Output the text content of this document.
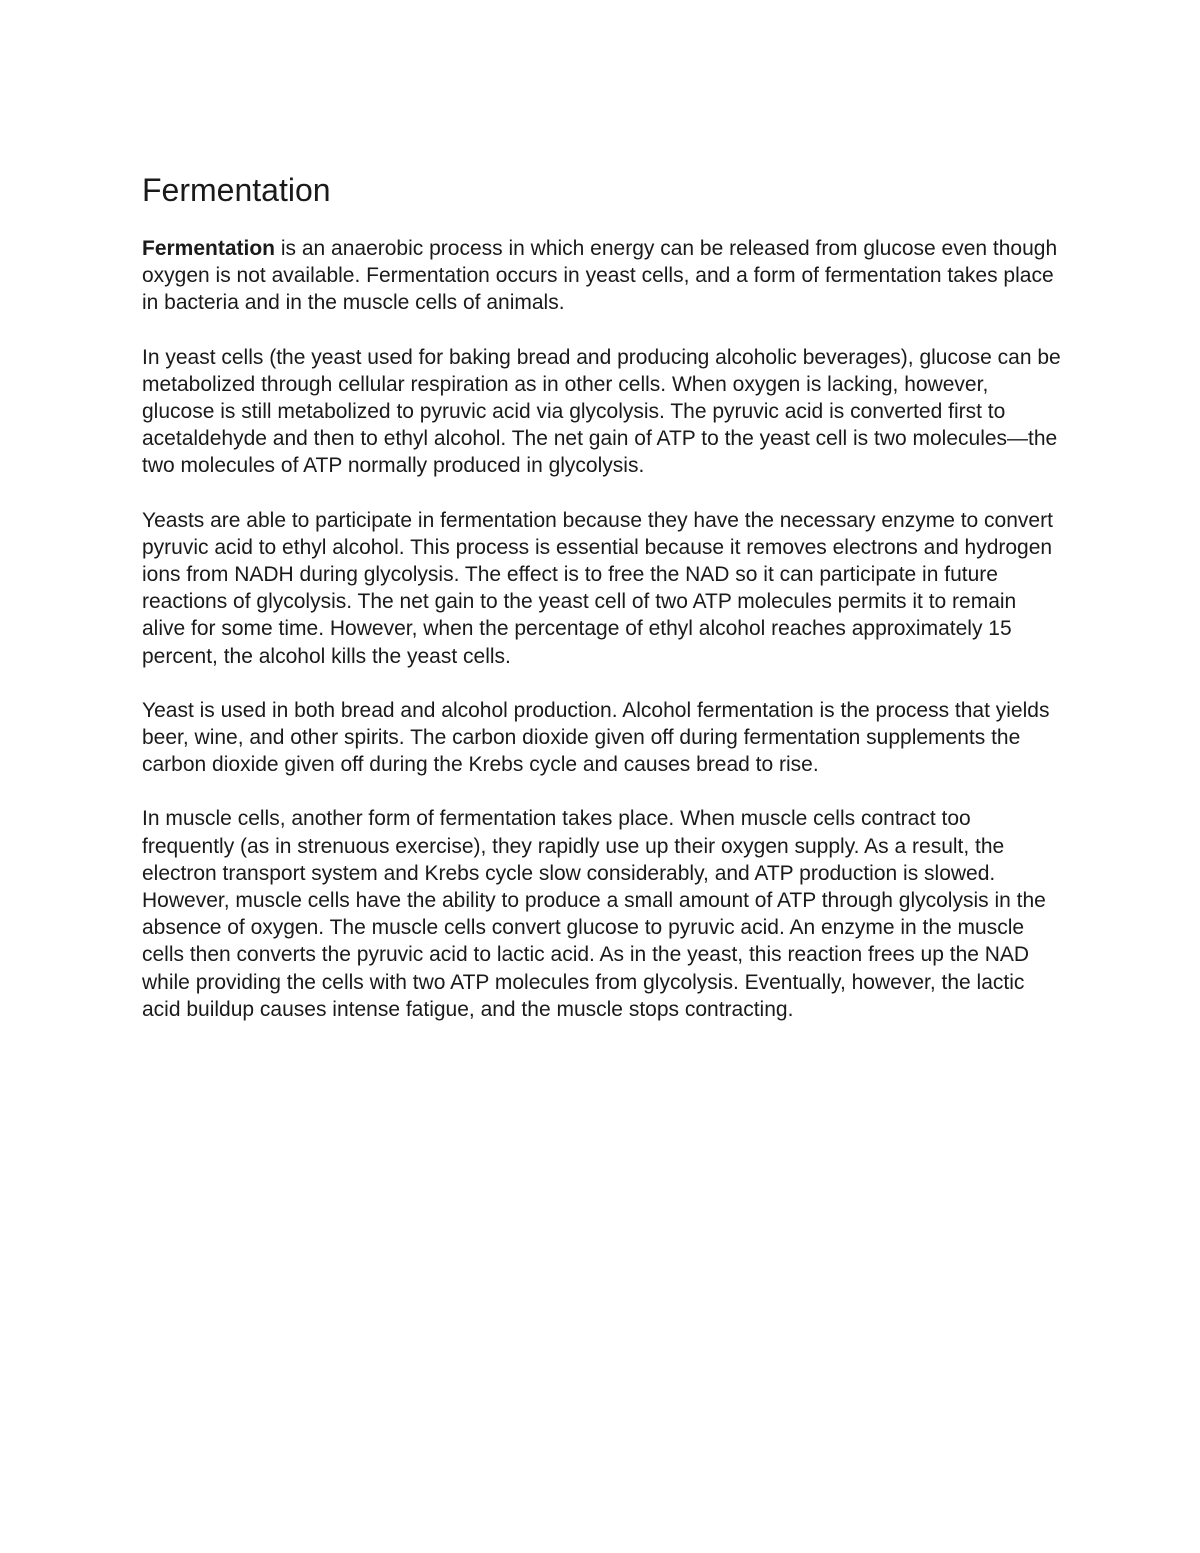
Fermentation

Fermentation is an anaerobic process in which energy can be released from glucose even though oxygen is not available. Fermentation occurs in yeast cells, and a form of fermentation takes place in bacteria and in the muscle cells of animals.

In yeast cells (the yeast used for baking bread and producing alcoholic beverages), glucose can be metabolized through cellular respiration as in other cells. When oxygen is lacking, however, glucose is still metabolized to pyruvic acid via glycolysis. The pyruvic acid is converted first to acetaldehyde and then to ethyl alcohol. The net gain of ATP to the yeast cell is two molecules—the two molecules of ATP normally produced in glycolysis.

Yeasts are able to participate in fermentation because they have the necessary enzyme to convert pyruvic acid to ethyl alcohol. This process is essential because it removes electrons and hydrogen ions from NADH during glycolysis. The effect is to free the NAD so it can participate in future reactions of glycolysis. The net gain to the yeast cell of two ATP molecules permits it to remain alive for some time. However, when the percentage of ethyl alcohol reaches approximately 15 percent, the alcohol kills the yeast cells.

Yeast is used in both bread and alcohol production. Alcohol fermentation is the process that yields beer, wine, and other spirits. The carbon dioxide given off during fermentation supplements the carbon dioxide given off during the Krebs cycle and causes bread to rise.

In muscle cells, another form of fermentation takes place. When muscle cells contract too frequently (as in strenuous exercise), they rapidly use up their oxygen supply. As a result, the electron transport system and Krebs cycle slow considerably, and ATP production is slowed. However, muscle cells have the ability to produce a small amount of ATP through glycolysis in the absence of oxygen. The muscle cells convert glucose to pyruvic acid. An enzyme in the muscle cells then converts the pyruvic acid to lactic acid. As in the yeast, this reaction frees up the NAD while providing the cells with two ATP molecules from glycolysis. Eventually, however, the lactic acid buildup causes intense fatigue, and the muscle stops contracting.
